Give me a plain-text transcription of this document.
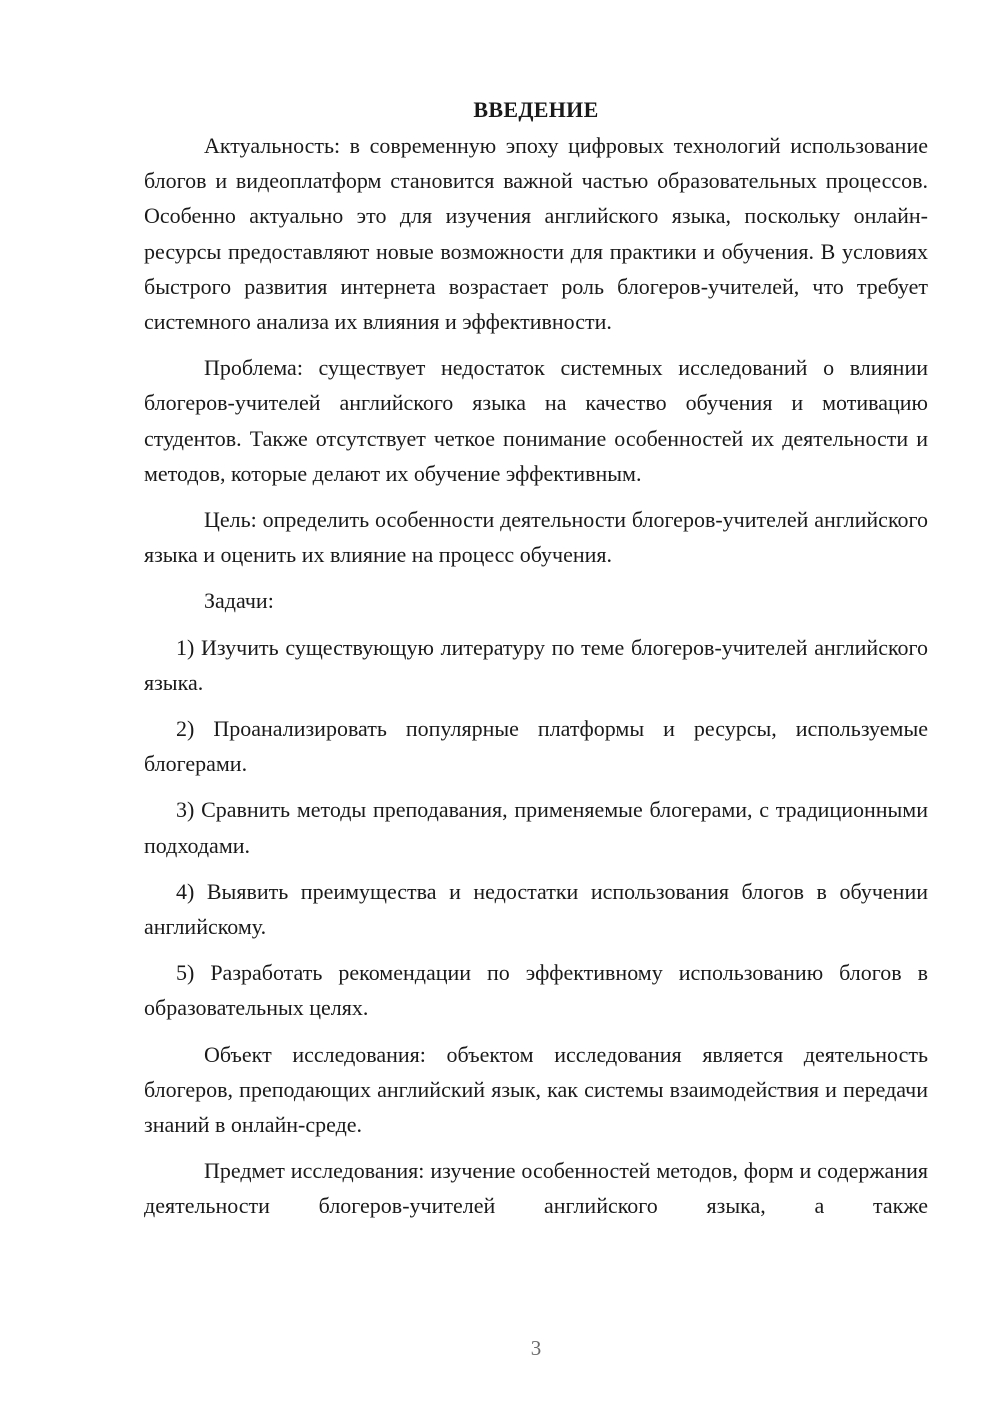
ВВЕДЕНИЕ

Актуальность: в современную эпоху цифровых технологий использование блогов и видеоплатформ становится важной частью образовательных процессов. Особенно актуально это для изучения английского языка, поскольку онлайн-ресурсы предоставляют новые возможности для практики и обучения. В условиях быстрого развития интернета возрастает роль блогеров-учителей, что требует системного анализа их влияния и эффективности.

Проблема: существует недостаток системных исследований о влиянии блогеров-учителей английского языка на качество обучения и мотивацию студентов. Также отсутствует четкое понимание особенностей их деятельности и методов, которые делают их обучение эффективным.

Цель: определить особенности деятельности блогеров-учителей английского языка и оценить их влияние на процесс обучения.

Задачи:

1) Изучить существующую литературу по теме блогеров-учителей английского языка.

2) Проанализировать популярные платформы и ресурсы, используемые блогерами.

3) Сравнить методы преподавания, применяемые блогерами, с традиционными подходами.

4) Выявить преимущества и недостатки использования блогов в обучении английскому.

5) Разработать рекомендации по эффективному использованию блогов в образовательных целях.

Объект исследования: объектом исследования является деятельность блогеров, преподающих английский язык, как системы взаимодействия и передачи знаний в онлайн-среде.

Предмет исследования: изучение особенностей методов, форм и содержания деятельности блогеров-учителей английского языка, а также

3
